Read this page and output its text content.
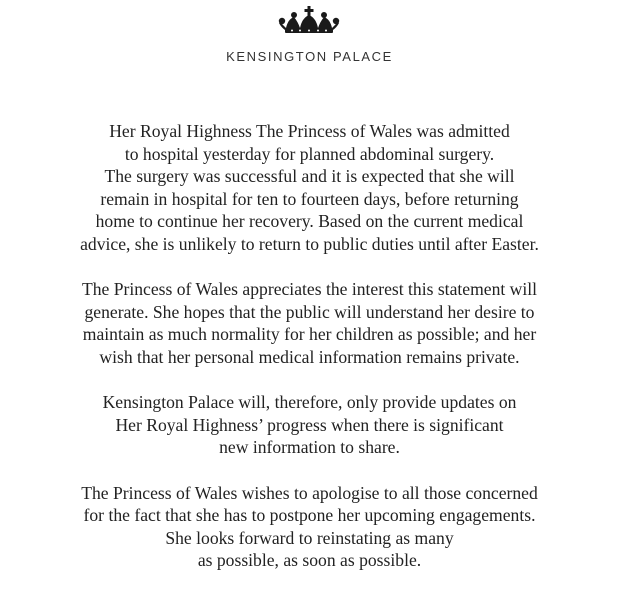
KENSINGTON PALACE

Her Royal Highness The Princess of Wales was admitted
to hospital yesterday for planned abdominal surgery.
The surgery was successful and it is expected that she will
remain in hospital for ten to fourteen days, before returning
home to continue her recovery. Based on the current medical
advice, she is unlikely to return to public duties until after Easter.

The Princess of Wales appreciates the interest this statement will
generate. She hopes that the public will understand her desire to
maintain as much normality for her children as possible; and her
wish that her personal medical information remains private.

Kensington Palace will, therefore, only provide updates on
Her Royal Highness’ progress when there is significant
new information to share.

The Princess of Wales wishes to apologise to all those concerned
for the fact that she has to postpone her upcoming engagements.
She looks forward to reinstating as many
as possible, as soon as possible.
